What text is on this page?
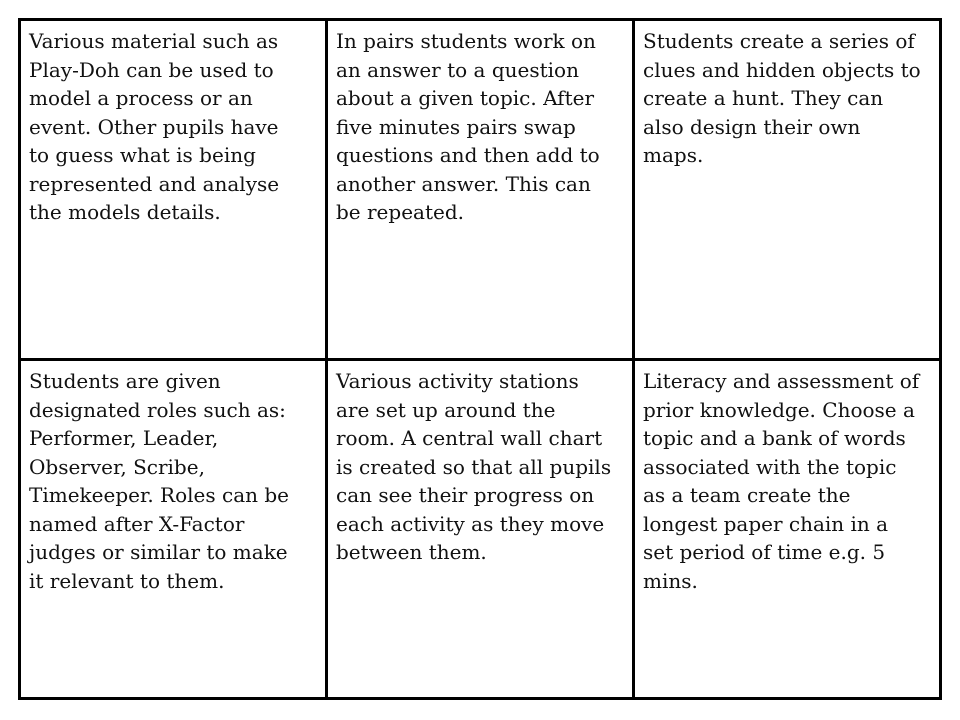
Various material such as
Play-Doh can be used to
model a process or an
event. Other pupils have
to guess what is being
represented and analyse
the models details.
In pairs students work on
an answer to a question
about a given topic. After
five minutes pairs swap
questions and then add to
another answer. This can
be repeated.
Students create a series of
clues and hidden objects to
create a hunt. They can
also design their own
maps.
Students are given
designated roles such as:
Performer, Leader,
Observer, Scribe,
Timekeeper. Roles can be
named after X-Factor
judges or similar to make
it relevant to them.
Various activity stations
are set up around the
room. A central wall chart
is created so that all pupils
can see their progress on
each activity as they move
between them.
Literacy and assessment of
prior knowledge. Choose a
topic and a bank of words
associated with the topic
as a team create the
longest paper chain in a
set period of time e.g. 5
mins.
